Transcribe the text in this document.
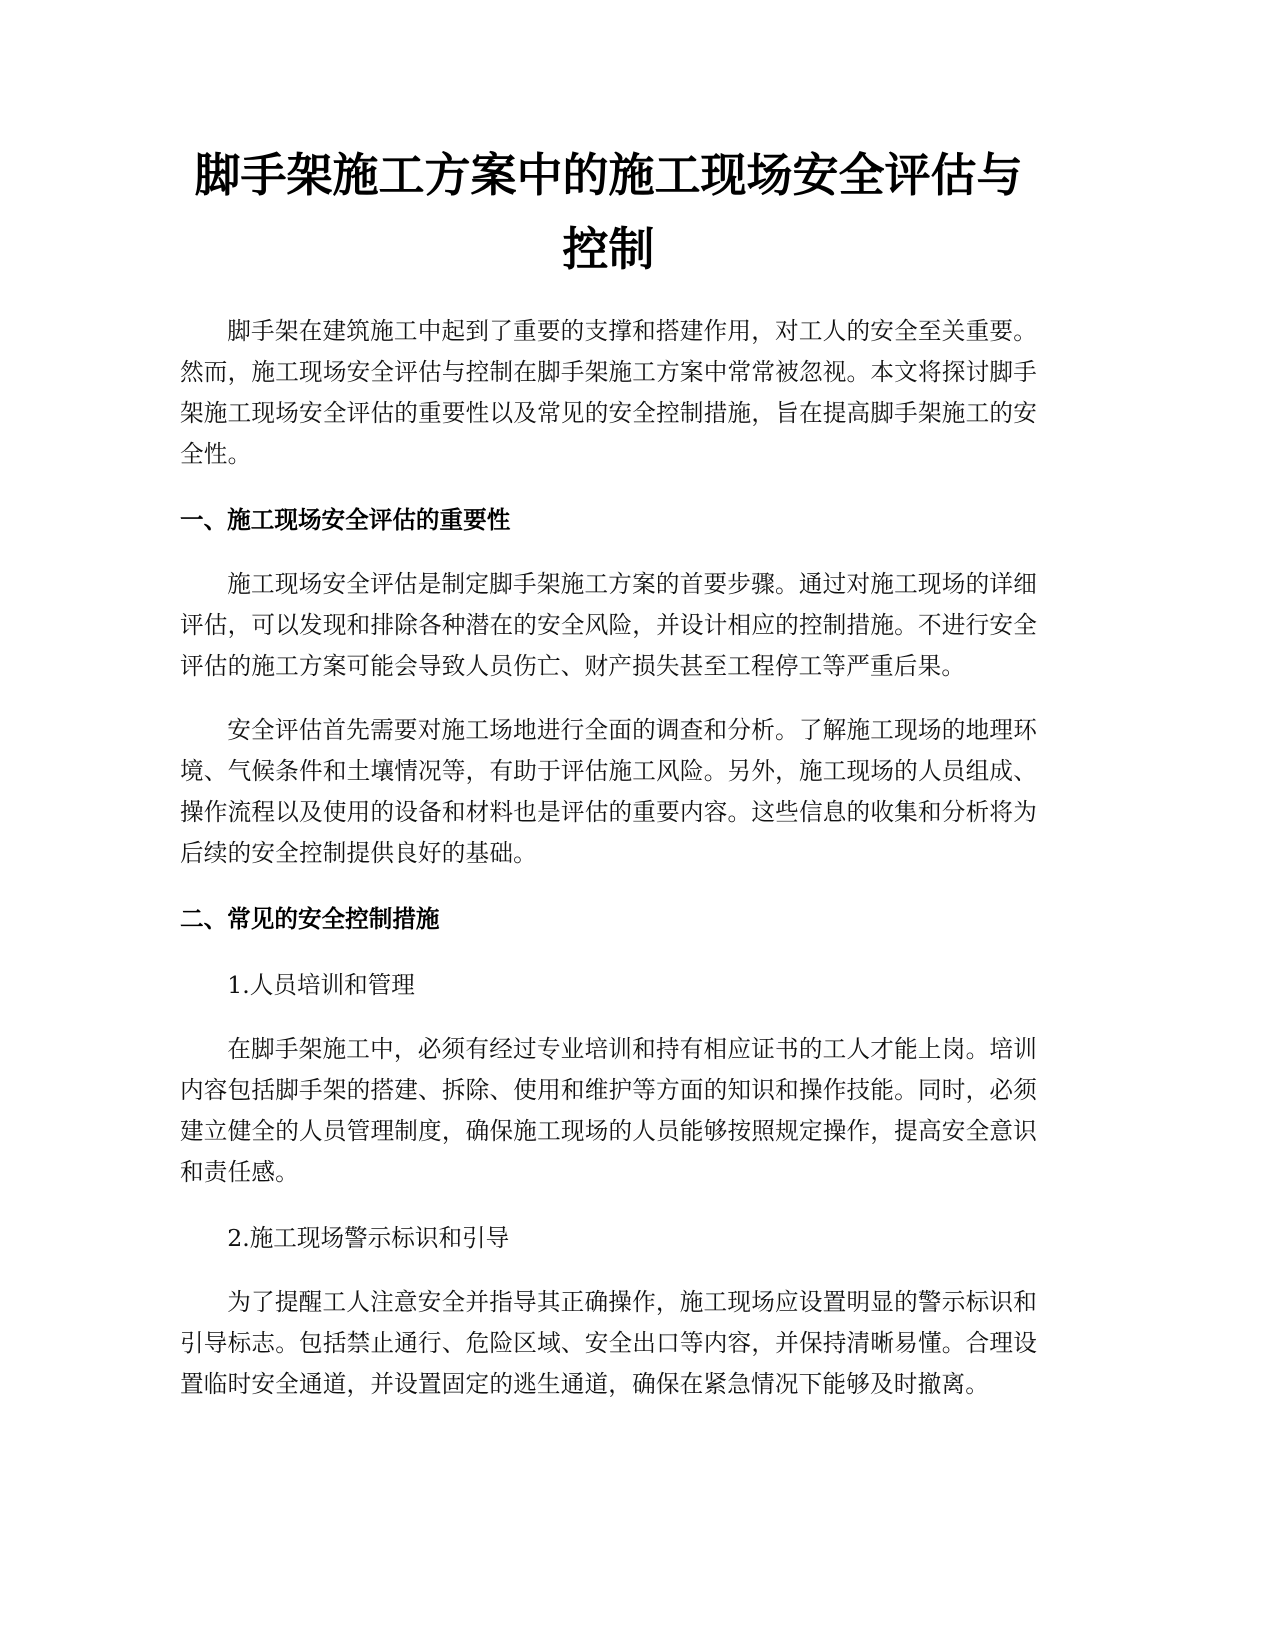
脚手架施工方案中的施工现场安全评估与控制

脚手架在建筑施工中起到了重要的支撑和搭建作用，对工人的安全至关重要。然而，施工现场安全评估与控制在脚手架施工方案中常常被忽视。本文将探讨脚手架施工现场安全评估的重要性以及常见的安全控制措施，旨在提高脚手架施工的安全性。

一、施工现场安全评估的重要性

施工现场安全评估是制定脚手架施工方案的首要步骤。通过对施工现场的详细评估，可以发现和排除各种潜在的安全风险，并设计相应的控制措施。不进行安全评估的施工方案可能会导致人员伤亡、财产损失甚至工程停工等严重后果。

安全评估首先需要对施工场地进行全面的调查和分析。了解施工现场的地理环境、气候条件和土壤情况等，有助于评估施工风险。另外，施工现场的人员组成、操作流程以及使用的设备和材料也是评估的重要内容。这些信息的收集和分析将为后续的安全控制提供良好的基础。

二、常见的安全控制措施

1.人员培训和管理

在脚手架施工中，必须有经过专业培训和持有相应证书的工人才能上岗。培训内容包括脚手架的搭建、拆除、使用和维护等方面的知识和操作技能。同时，必须建立健全的人员管理制度，确保施工现场的人员能够按照规定操作，提高安全意识和责任感。

2.施工现场警示标识和引导

为了提醒工人注意安全并指导其正确操作，施工现场应设置明显的警示标识和引导标志。包括禁止通行、危险区域、安全出口等内容，并保持清晰易懂。合理设置临时安全通道，并设置固定的逃生通道，确保在紧急情况下能够及时撤离。
